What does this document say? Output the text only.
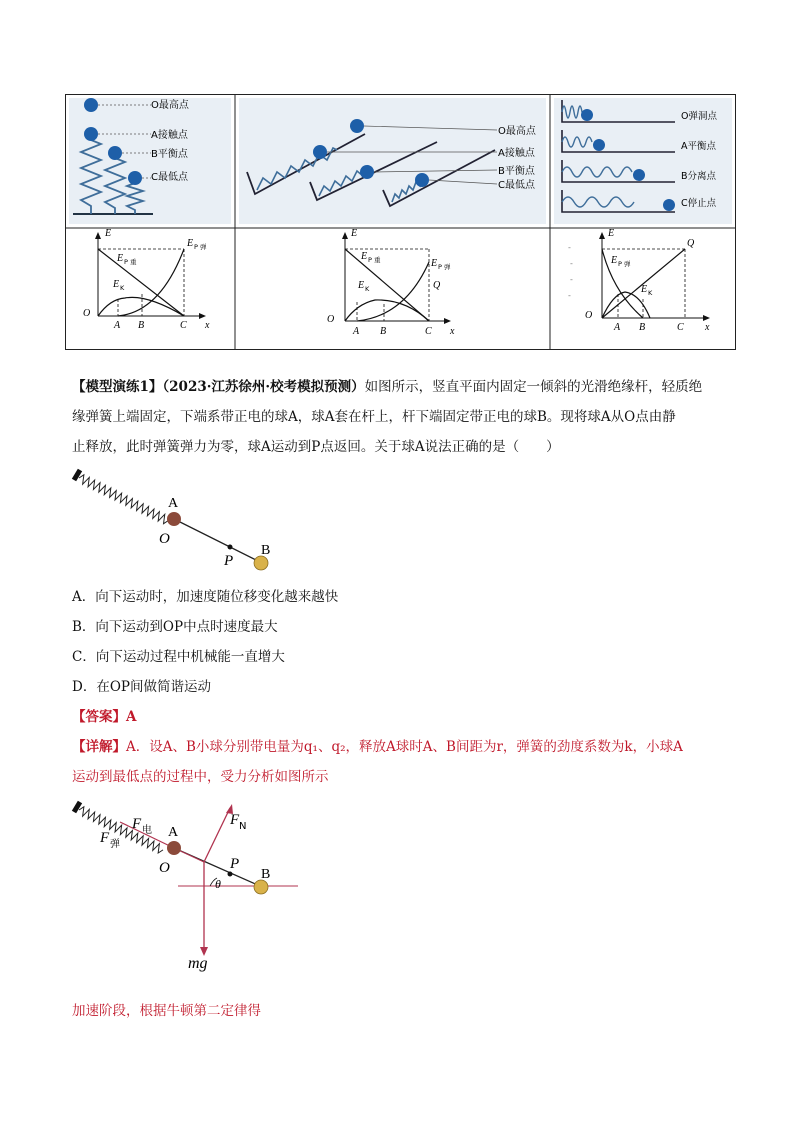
O最高点
A接触点
B平衡点
C最低点
O最高点
A接触点
B平衡点
C最低点
O弹洞点
A平衡点
B分离点
C停止点
E
E P 弹
E P 重
E K
O
A B	C x
E
E P 重	E P 弹
Q
E K
O
A B	C x
-
-
-
-
E
Q
E P 弹
E K
O
A B	C x
【模型演练1】（2023·江苏徐州·校考模拟预测）如图所示，竖直平面内固定一倾斜的光滑绝缘杆，轻质绝
缘弹簧上端固定，下端系带正电的球A，球A套在杆上，杆下端固定带正电的球B。现将球A从O点由静
止释放，此时弹簧弹力为零，球A运动到P点返回。关于球A说法正确的是（　　）
A
O
P
B
A．向下运动时，加速度随位移变化越来越快
B．向下运动到OP中点时速度最大
C．向下运动过程中机械能一直增大
D．在OP间做简谐运动
【答案】A
【详解】A．设A、B小球分别带电量为q₁、q₂，释放A球时A、B间距为r，弹簧的劲度系数为k，小球A
运动到最低点的过程中，受力分析如图所示
F 电
F 弹
F N
A
O	P
B
θ
mg
加速阶段，根据牛顿第二定律得
